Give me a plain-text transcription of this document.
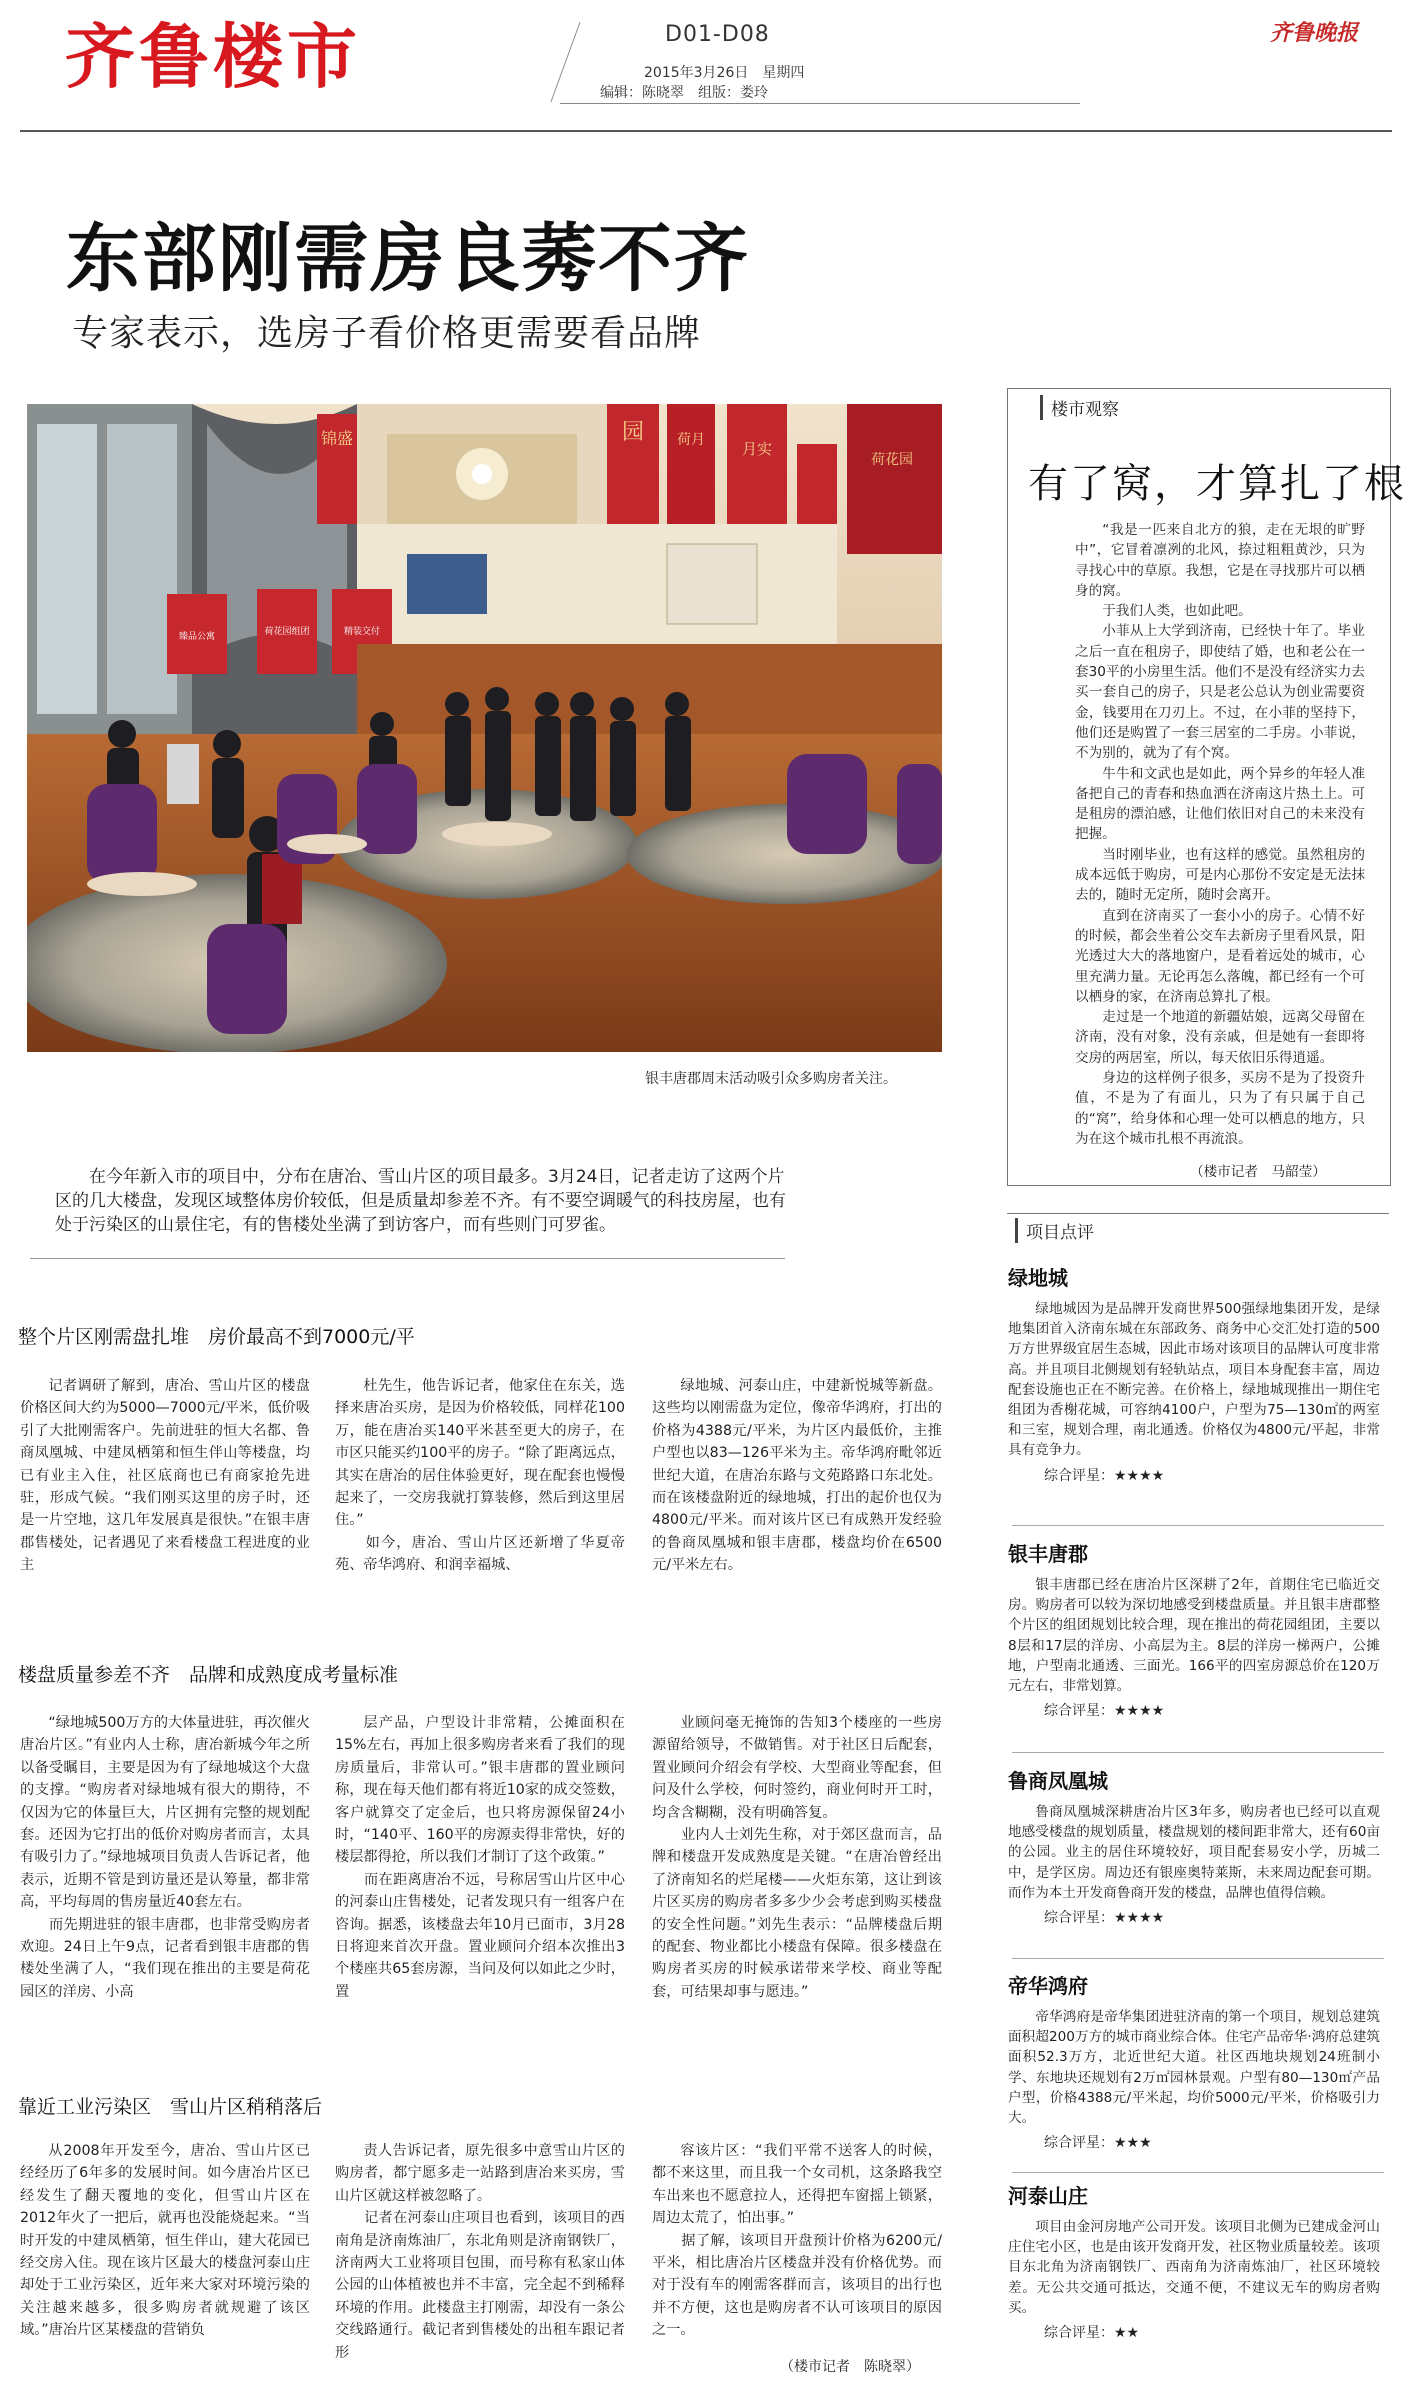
齐鲁楼市	D01-D08
2015年3月26日　星期四
编辑：陈晓翠　组版：娄玲
齐鲁晚报
东部刚需房良莠不齐
专家表示，选房子看价格更需要看品牌
锦盛	园 荷月 月实
荷花园
臻品公寓	荷花园组团	精装交付
银丰唐郡周末活动吸引众多购房者关注。
在今年新入市的项目中，分布在唐冶、雪山片区的项目最多。3月24日，记者走访了这两个片区的几大楼盘，发现区域整体房价较低，但是质量却参差不齐。有不要空调暖气的科技房屋，也有处于污染区的山景住宅，有的售楼处坐满了到访客户，而有些则门可罗雀。
整个片区刚需盘扎堆　房价最高不到7000元/平

记者调研了解到，唐冶、雪山片区的楼盘价格区间大约为5000—7000元/平米，低价吸引了大批刚需客户。先前进驻的恒大名都、鲁商凤凰城、中建凤栖第和恒生伴山等楼盘，均已有业主入住，社区底商也已有商家抢先进驻，形成气候。“我们刚买这里的房子时，还是一片空地，这几年发展真是很快。”在银丰唐郡售楼处，记者遇见了来看楼盘工程进度的业主

杜先生，他告诉记者，他家住在东关，选择来唐冶买房，是因为价格较低，同样花100万，能在唐冶买140平米甚至更大的房子，在市区只能买约100平的房子。“除了距离远点，其实在唐冶的居住体验更好，现在配套也慢慢起来了，一交房我就打算装修，然后到这里居住。”
　　如今，唐冶、雪山片区还新增了华夏帝苑、帝华鸿府、和润幸福城、

绿地城、河泰山庄，中建新悦城等新盘。这些均以刚需盘为定位，像帝华鸿府，打出的价格为4388元/平米，为片区内最低价，主推户型也以83—126平米为主。帝华鸿府毗邻近世纪大道，在唐冶东路与文苑路路口东北处。而在该楼盘附近的绿地城，打出的起价也仅为4800元/平米。而对该片区已有成熟开发经验的鲁商凤凰城和银丰唐郡，楼盘均价在6500元/平米左右。

楼盘质量参差不齐　品牌和成熟度成考量标准

“绿地城500万方的大体量进驻，再次催火唐冶片区。”有业内人士称，唐冶新城今年之所以备受瞩目，主要是因为有了绿地城这个大盘的支撑。“购房者对绿地城有很大的期待，不仅因为它的体量巨大，片区拥有完整的规划配套。还因为它打出的低价对购房者而言，太具有吸引力了。”绿地城项目负责人告诉记者，他表示，近期不管是到访量还是认筹量，都非常高，平均每周的售房量近40套左右。
　　而先期进驻的银丰唐郡，也非常受购房者欢迎。24日上午9点，记者看到银丰唐郡的售楼处坐满了人，“我们现在推出的主要是荷花园区的洋房、小高

层产品，户型设计非常精，公摊面积在15%左右，再加上很多购房者来看了我们的现房质量后，非常认可。”银丰唐郡的置业顾问称，现在每天他们都有将近10家的成交签数，客户就算交了定金后，也只将房源保留24小时，“140平、160平的房源卖得非常快，好的楼层都得抢，所以我们才制订了这个政策。”
　　而在距离唐冶不远，号称居雪山片区中心的河泰山庄售楼处，记者发现只有一组客户在咨询。据悉，该楼盘去年10月已面市，3月28日将迎来首次开盘。置业顾问介绍本次推出3个楼座共65套房源，当问及何以如此之少时，置

业顾问毫无掩饰的告知3个楼座的一些房源留给领导，不做销售。对于社区日后配套，置业顾问介绍会有学校、大型商业等配套，但问及什么学校，何时签约，商业何时开工时，均含含糊糊，没有明确答复。
　　业内人士刘先生称，对于郊区盘而言，品牌和楼盘开发成熟度是关键。“在唐冶曾经出了济南知名的烂尾楼——火炬东第，这让到该片区买房的购房者多多少少会考虑到购买楼盘的安全性问题。”刘先生表示：“品牌楼盘后期的配套、物业都比小楼盘有保障。很多楼盘在购房者买房的时候承诺带来学校、商业等配套，可结果却事与愿违。”

靠近工业污染区　雪山片区稍稍落后

从2008年开发至今，唐冶、雪山片区已经经历了6年多的发展时间。如今唐冶片区已经发生了翻天覆地的变化，但雪山片区在2012年火了一把后，就再也没能烧起来。“当时开发的中建凤栖第，恒生伴山，建大花园已经交房入住。现在该片区最大的楼盘河泰山庄却处于工业污染区，近年来大家对环境污染的关注越来越多，很多购房者就规避了该区域。”唐冶片区某楼盘的营销负

责人告诉记者，原先很多中意雪山片区的购房者，都宁愿多走一站路到唐冶来买房，雪山片区就这样被忽略了。
　　记者在河泰山庄项目也看到，该项目的西南角是济南炼油厂，东北角则是济南钢铁厂，济南两大工业将项目包围，而号称有私家山体公园的山体植被也并不丰富，完全起不到稀释环境的作用。此楼盘主打刚需，却没有一条公交线路通行。截记者到售楼处的出租车跟记者形

容该片区：“我们平常不送客人的时候，都不来这里，而且我一个女司机，这条路我空车出来也不愿意拉人，还得把车窗摇上锁紧，周边太荒了，怕出事。”
　　据了解，该项目开盘预计价格为6200元/平米，相比唐冶片区楼盘并没有价格优势。而对于没有车的刚需客群而言，该项目的出行也并不方便，这也是购房者不认可该项目的原因之一。

（楼市记者　陈晓翠）
楼市观察
有了窝，才算扎了根

“我是一匹来自北方的狼，走在无垠的旷野中”，它冒着凛冽的北风，捺过粗粗黄沙，只为寻找心中的草原。我想，它是在寻找那片可以栖身的窝。

于我们人类，也如此吧。

小菲从上大学到济南，已经快十年了。毕业之后一直在租房子，即使结了婚，也和老公在一套30平的小房里生活。他们不是没有经济实力去买一套自己的房子，只是老公总认为创业需要资金，钱要用在刀刃上。不过，在小菲的坚持下，他们还是购置了一套三居室的二手房。小菲说，不为别的，就为了有个窝。

牛牛和文武也是如此，两个异乡的年轻人准备把自己的青春和热血洒在济南这片热土上。可是租房的漂泊感，让他们依旧对自己的未来没有把握。

当时刚毕业，也有这样的感觉。虽然租房的成本远低于购房，可是内心那份不安定是无法抹去的，随时无定所，随时会离开。

直到在济南买了一套小小的房子。心情不好的时候，都会坐着公交车去新房子里看风景，阳光透过大大的落地窗户，是看着远处的城市，心里充满力量。无论再怎么落魄，都已经有一个可以栖身的家，在济南总算扎了根。

走过是一个地道的新疆姑娘，远离父母留在济南，没有对象，没有亲戚，但是她有一套即将交房的两居室，所以，每天依旧乐得逍遥。

身边的这样例子很多，买房不是为了投资升值，不是为了有面儿，只为了有只属于自己的“窝”，给身体和心理一处可以栖息的地方，只为在这个城市扎根不再流浪。

（楼市记者　马韶莹）
项目点评
绿地城
绿地城因为是品牌开发商世界500强绿地集团开发，是绿地集团首入济南东城在东部政务、商务中心交汇处打造的500万方世界级宜居生态城，因此市场对该项目的品牌认可度非常高。并且项目北侧规划有轻轨站点，项目本身配套丰富，周边配套设施也正在不断完善。在价格上，绿地城现推出一期住宅组团为香榭花城，可容纳4100户，户型为75—130㎡的两室和三室，规划合理，南北通透。价格仅为4800元/平起，非常具有竞争力。
综合评星：★★★★
银丰唐郡
银丰唐郡已经在唐冶片区深耕了2年，首期住宅已临近交房。购房者可以较为深切地感受到楼盘质量。并且银丰唐郡整个片区的组团规划比较合理，现在推出的荷花园组团，主要以8层和17层的洋房、小高层为主。8层的洋房一梯两户，公摊地，户型南北通透、三面光。166平的四室房源总价在120万元左右，非常划算。
综合评星：★★★★
鲁商凤凰城
鲁商凤凰城深耕唐冶片区3年多，购房者也已经可以直观地感受楼盘的规划质量，楼盘规划的楼间距非常大，还有60亩的公园。业主的居住环境较好，项目配套易安小学，历城二中，是学区房。周边还有银座奥特莱斯，未来周边配套可期。而作为本土开发商鲁商开发的楼盘，品牌也值得信赖。
综合评星：★★★★
帝华鸿府
帝华鸿府是帝华集团进驻济南的第一个项目，规划总建筑面积超200万方的城市商业综合体。住宅产品帝华·鸿府总建筑面积52.3万方，北近世纪大道。社区西地块规划24班制小学、东地块还规划有2万㎡园林景观。户型有80—130㎡产品户型，价格4388元/平米起，均价5000元/平米，价格吸引力大。
综合评星：★★★
河泰山庄
项目由金河房地产公司开发。该项目北侧为已建成金河山庄住宅小区，也是由该开发商开发，社区物业质量较差。该项目东北角为济南钢铁厂、西南角为济南炼油厂，社区环境较差。无公共交通可抵达，交通不便，不建议无车的购房者购买。
综合评星：★★
